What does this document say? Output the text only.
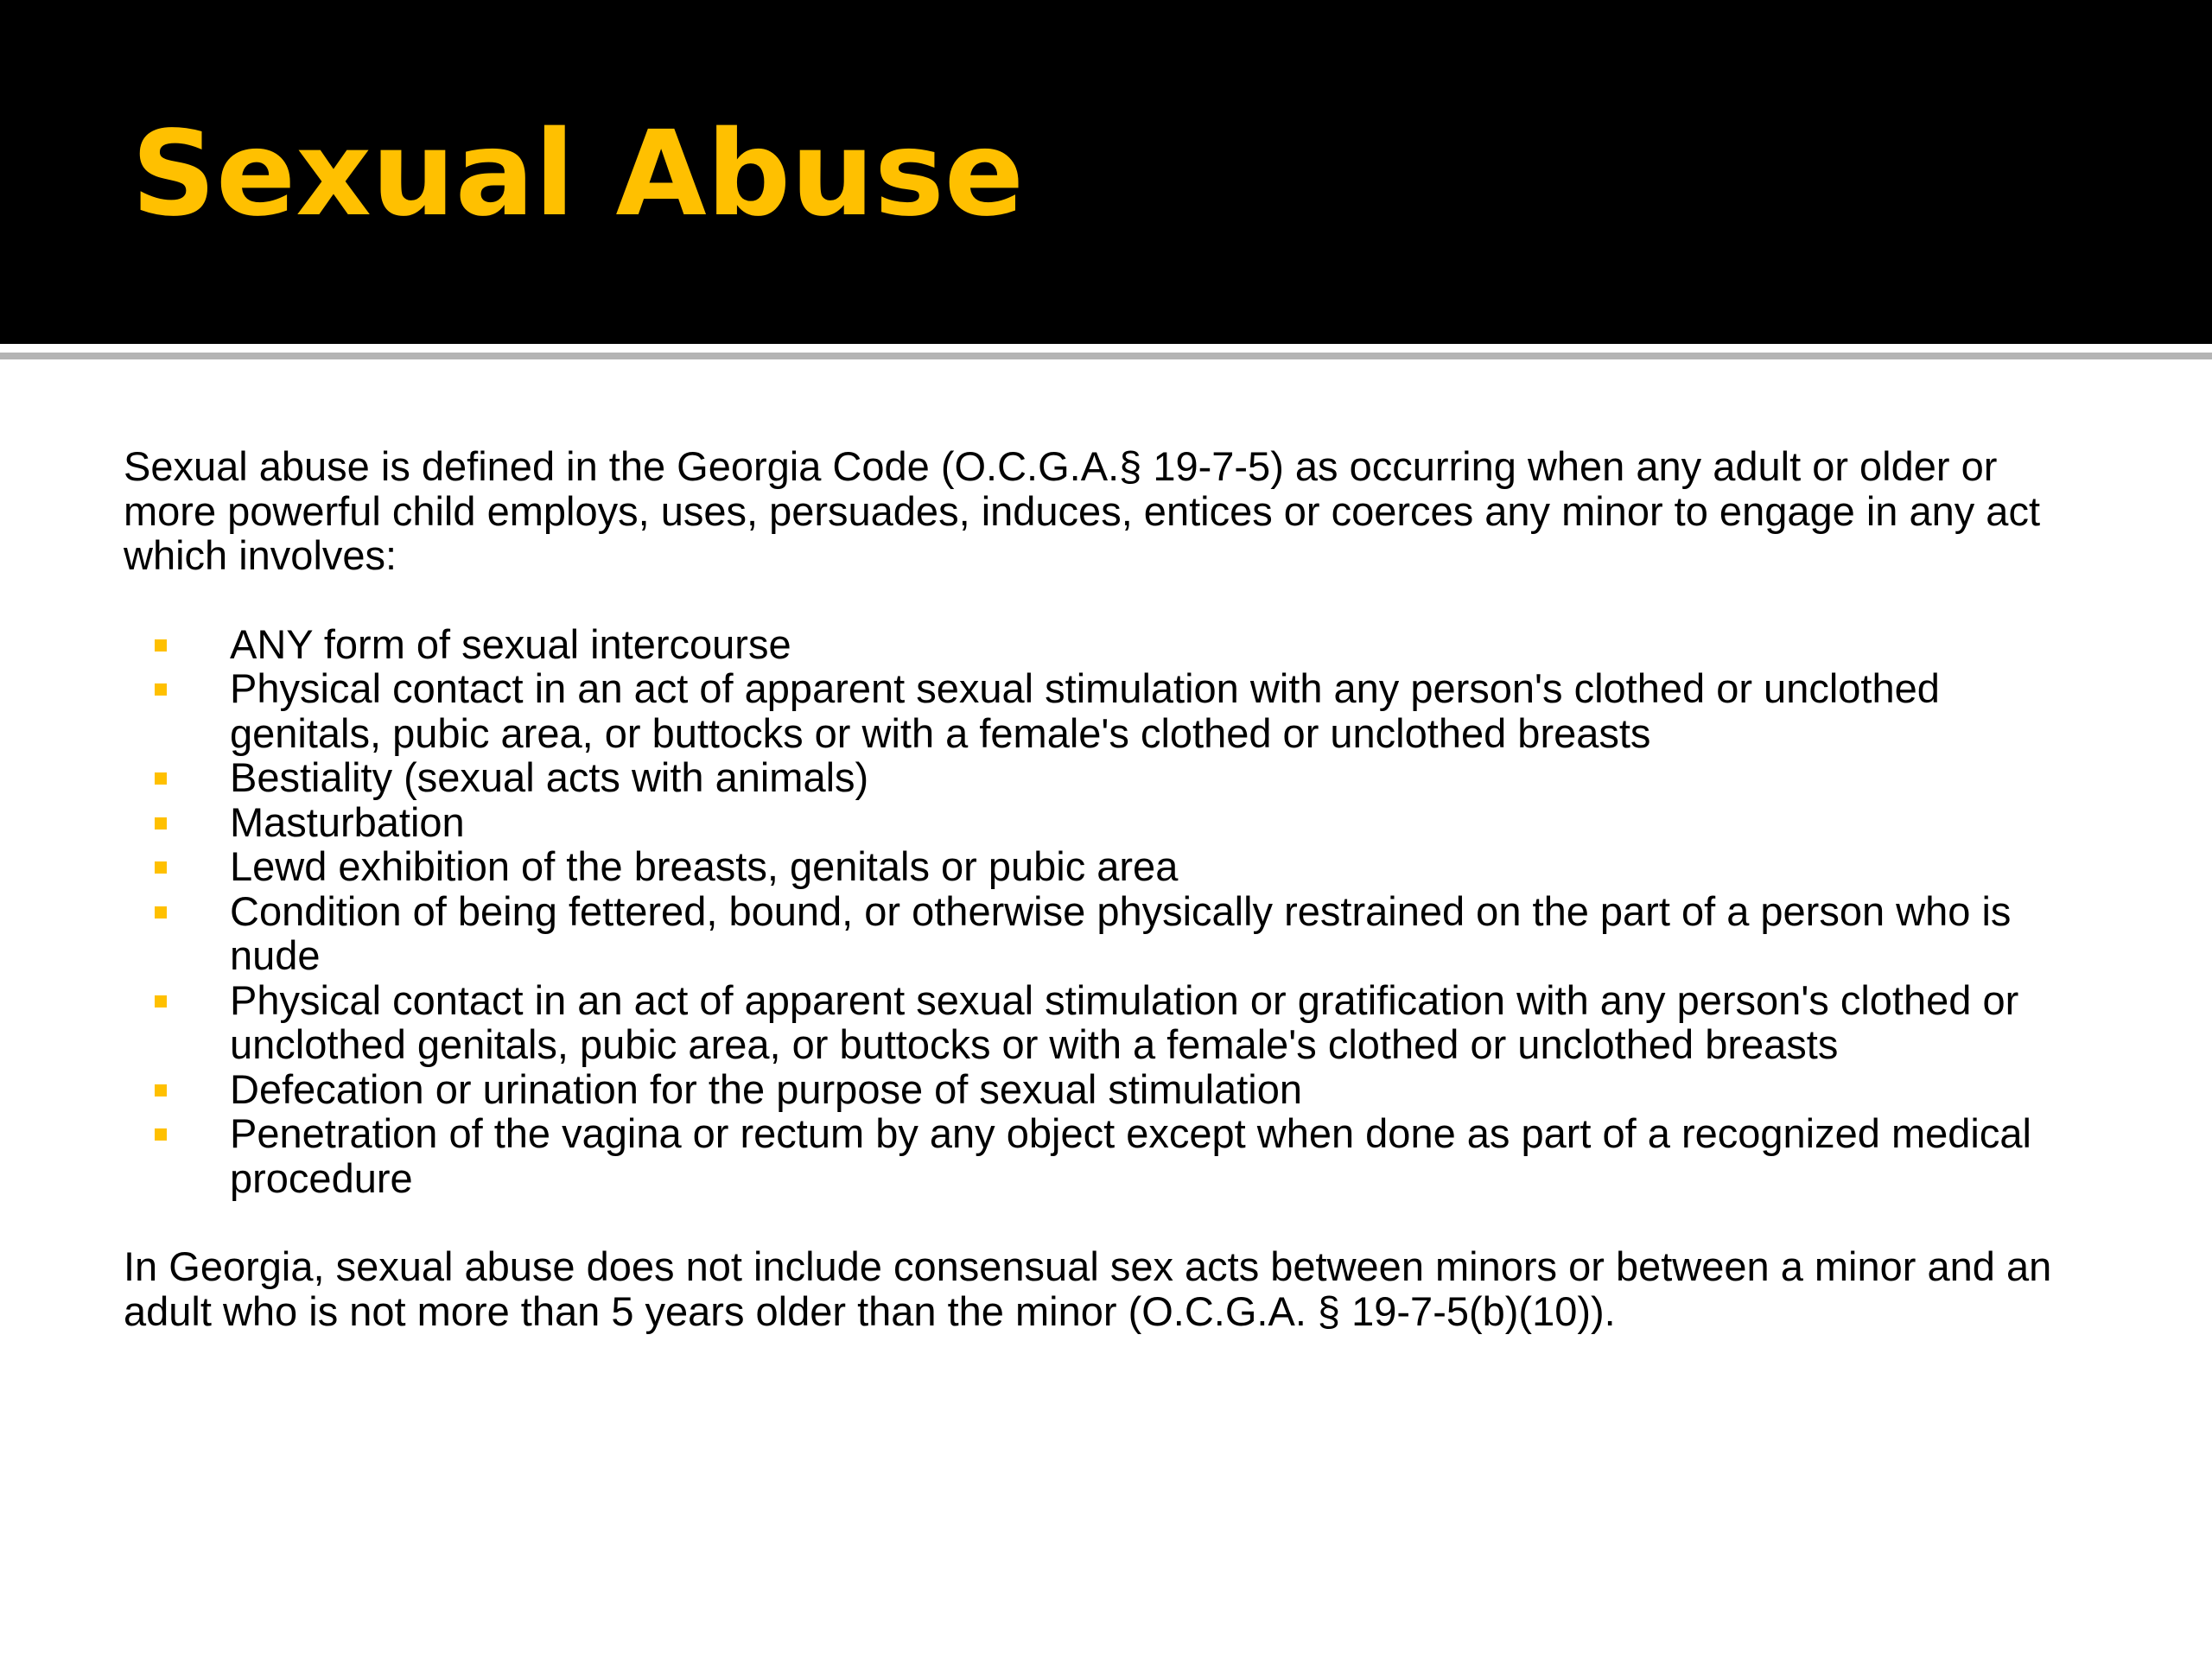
Sexual Abuse

Sexual abuse is defined in the Georgia Code (O.C.G.A.§ 19-7-5) as occurring when any adult or older or more powerful child employs, uses, persuades, induces, entices or coerces any minor to engage in any act which involves:

ANY form of sexual intercourse
Physical contact in an act of apparent sexual stimulation with any person's clothed or unclothed genitals, pubic area, or buttocks or with a female's clothed or unclothed breasts
Bestiality (sexual acts with animals)
Masturbation
Lewd exhibition of the breasts, genitals or pubic area
Condition of being fettered, bound, or otherwise physically restrained on the part of a person who is nude
Physical contact in an act of apparent sexual stimulation or gratification with any person's clothed or unclothed genitals, pubic area, or buttocks or with a female's clothed or unclothed breasts
Defecation or urination for the purpose of sexual stimulation
Penetration of the vagina or rectum by any object except when done as part of a recognized medical procedure

In Georgia, sexual abuse does not include consensual sex acts between minors or between a minor and an adult who is not more than 5 years older than the minor (O.C.G.A. § 19-7-5(b)(10)).
